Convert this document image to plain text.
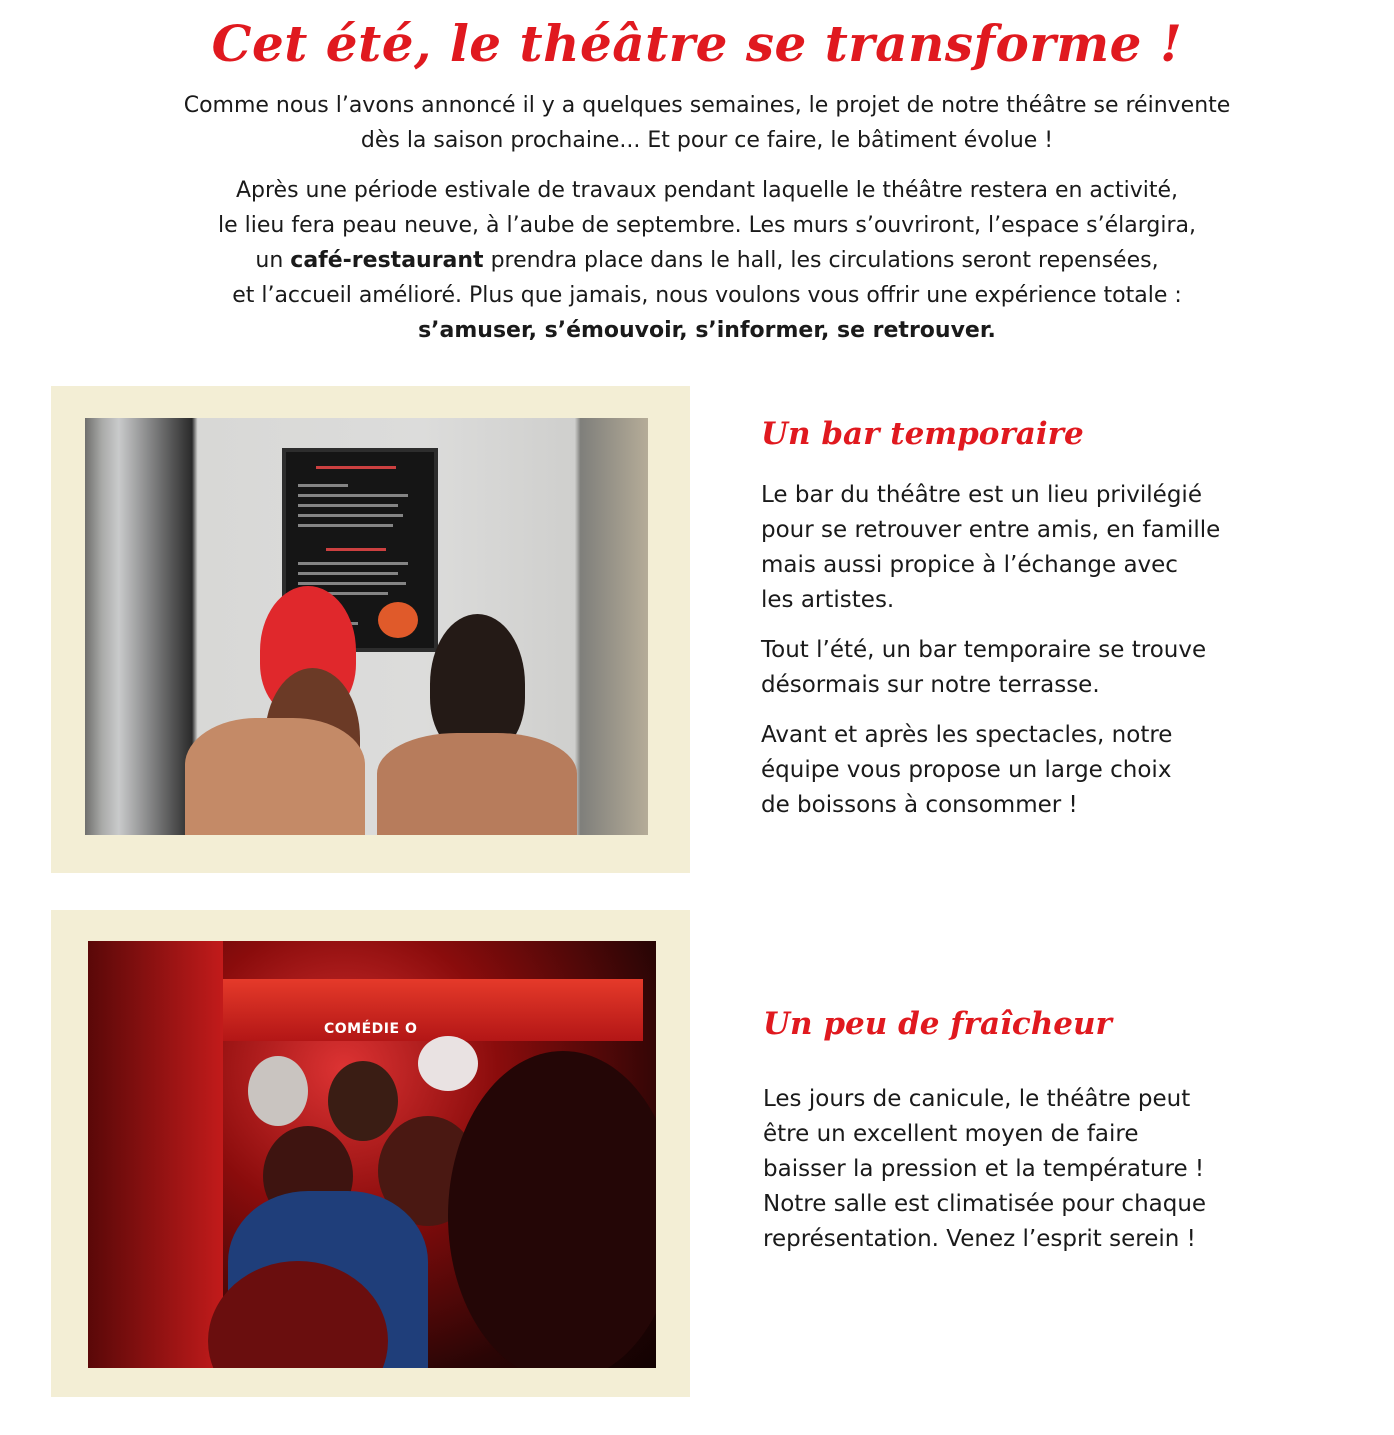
Cet été, le théâtre se transforme !

Comme nous l’avons annoncé il y a quelques semaines, le projet de notre théâtre se réinvente
dès la saison prochaine... Et pour ce faire, le bâtiment évolue !

Après une période estivale de travaux pendant laquelle le théâtre restera en activité,
le lieu fera peau neuve, à l’aube de septembre. Les murs s’ouvriront, l’espace s’élargira,
un café-restaurant prendra place dans le hall, les circulations seront repensées,
et l’accueil amélioré. Plus que jamais, nous voulons vous offrir une expérience totale :
s’amuser, s’émouvoir, s’informer, se retrouver.

Un bar temporaire
Le bar du théâtre est un lieu privilégié
pour se retrouver entre amis, en famille
mais aussi propice à l’échange avec
les artistes.
Tout l’été, un bar temporaire se trouve
désormais sur notre terrasse.
Avant et après les spectacles, notre
équipe vous propose un large choix
de boissons à consommer !
COMÉDIE O	Un peu de fraîcheur
Les jours de canicule, le théâtre peut
être un excellent moyen de faire
baisser la pression et la température !
Notre salle est climatisée pour chaque
représentation. Venez l’esprit serein !
